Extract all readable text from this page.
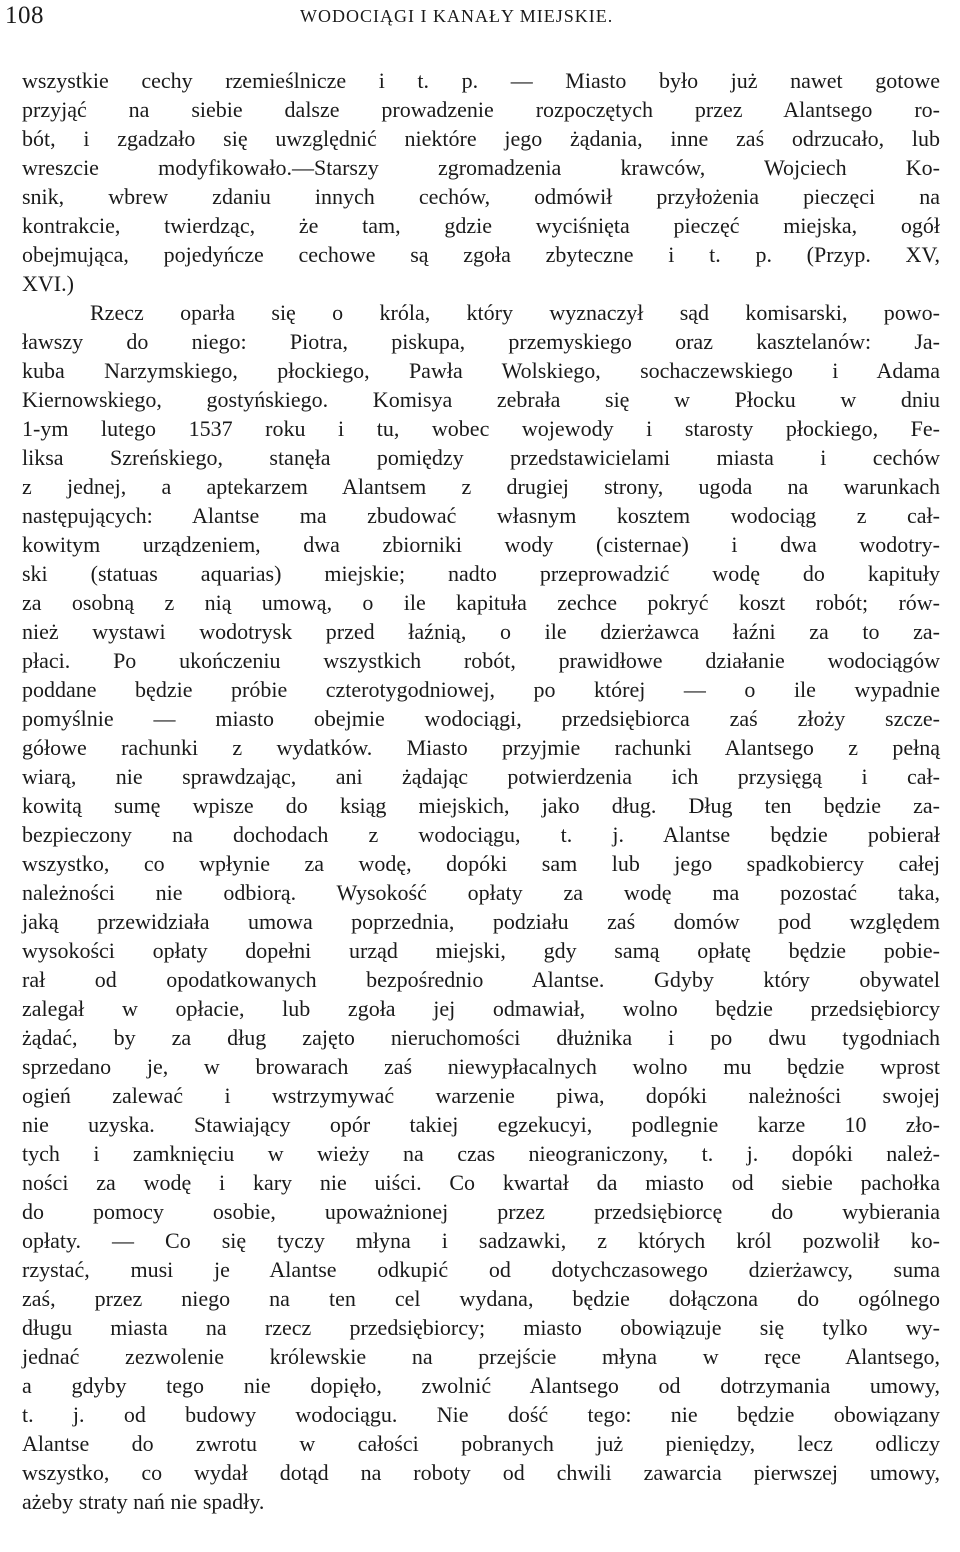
108	WODOCIĄGI I KANAŁY MIEJSKIE.
wszystkie cechy rzemieślnicze i t. p. — Miasto było już nawet gotowe
przyjąć na siebie dalsze prowadzenie rozpoczętych przez Alantsego ro-
bót, i zgadzało się uwzględnić niektóre jego żądania, inne zaś odrzucało, lub
wreszcie modyfikowało.—Starszy zgromadzenia krawców, Wojciech Ko-
snik, wbrew zdaniu innych cechów, odmówił przyłożenia pieczęci na
kontrakcie, twierdząc, że tam, gdzie wyciśnięta pieczęć miejska, ogół
obejmująca, pojedyńcze cechowe są zgoła zbyteczne i t. p. (Przyp. XV,
XVI.)
Rzecz oparła się o króla, który wyznaczył sąd komisarski, powo-
ławszy do niego: Piotra, piskupa, przemyskiego oraz kasztelanów: Ja-
kuba Narzymskiego, płockiego, Pawła Wolskiego, sochaczewskiego i Adama
Kiernowskiego, gostyńskiego. Komisya zebrała się w Płocku w dniu
1-ym lutego 1537 roku i tu, wobec wojewody i starosty płockiego, Fe-
liksa Szreńskiego, stanęła pomiędzy przedstawicielami miasta i cechów
z jednej, a aptekarzem Alantsem z drugiej strony, ugoda na warunkach
następujących: Alantse ma zbudować własnym kosztem wodociąg z cał-
kowitym urządzeniem, dwa zbiorniki wody (cisternae) i dwa wodotry-
ski (statuas aquarias) miejskie; nadto przeprowadzić wodę do kapituły
za osobną z nią umową, o ile kapituła zechce pokryć koszt robót; rów-
nież wystawi wodotrysk przed łaźnią, o ile dzierżawca łaźni za to za-
płaci. Po ukończeniu wszystkich robót, prawidłowe działanie wodociągów
poddane będzie próbie czterotygodniowej, po której — o ile wypadnie
pomyślnie — miasto obejmie wodociągi, przedsiębiorca zaś złoży szcze-
gółowe rachunki z wydatków. Miasto przyjmie rachunki Alantsego z pełną
wiarą, nie sprawdzając, ani żądając potwierdzenia ich przysięgą i cał-
kowitą sumę wpisze do ksiąg miejskich, jako dług. Dług ten będzie za-
bezpieczony na dochodach z wodociągu, t. j. Alantse będzie pobierał
wszystko, co wpłynie za wodę, dopóki sam lub jego spadkobiercy całej
należności nie odbiorą. Wysokość opłaty za wodę ma pozostać taka,
jaką przewidziała umowa poprzednia, podziału zaś domów pod względem
wysokości opłaty dopełni urząd miejski, gdy samą opłatę będzie pobie-
rał od opodatkowanych bezpośrednio Alantse. Gdyby który obywatel
zalegał w opłacie, lub zgoła jej odmawiał, wolno będzie przedsiębiorcy
żądać, by za dług zajęto nieruchomości dłużnika i po dwu tygodniach
sprzedano je, w browarach zaś niewypłacalnych wolno mu będzie wprost
ogień zalewać i wstrzymywać warzenie piwa, dopóki należności swojej
nie uzyska. Stawiający opór takiej egzekucyi, podlegnie karze 10 zło-
tych i zamknięciu w wieży na czas nieograniczony, t. j. dopóki należ-
ności za wodę i kary nie uiści. Co kwartał da miasto od siebie pachołka
do pomocy osobie, upoważnionej przez przedsiębiorcę do wybierania
opłaty. — Co się tyczy młyna i sadzawki, z których król pozwolił ko-
rzystać, musi je Alantse odkupić od dotychczasowego dzierżawcy, suma
zaś, przez niego na ten cel wydana, będzie dołączona do ogólnego
długu miasta na rzecz przedsiębiorcy; miasto obowiązuje się tylko wy-
jednać zezwolenie królewskie na przejście młyna w ręce Alantsego,
a gdyby tego nie dopięło, zwolnić Alantsego od dotrzymania umowy,
t. j. od budowy wodociągu. Nie dość tego: nie będzie obowiązany
Alantse do zwrotu w całości pobranych już pieniędzy, lecz odliczy
wszystko, co wydał dotąd na roboty od chwili zawarcia pierwszej umowy,
ażeby straty nań nie spadły.
